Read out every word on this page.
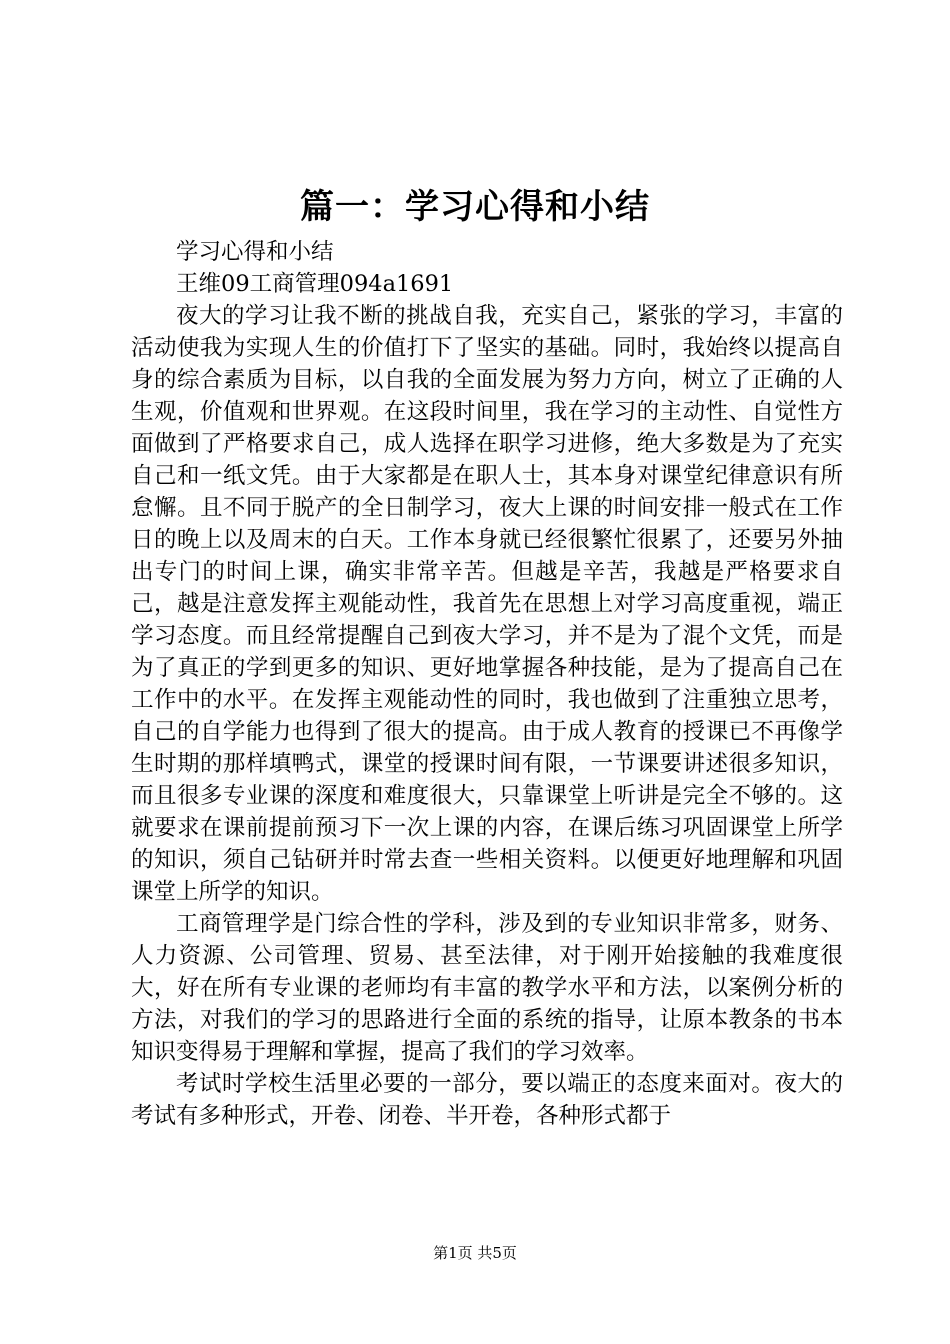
篇一：学习心得和小结

学习心得和小结

王维09工商管理094a1691

夜大的学习让我不断的挑战自我，充实自己，紧张的学习，丰富的活动使我为实现人生的价值打下了坚实的基础。同时，我始终以提高自身的综合素质为目标，以自我的全面发展为努力方向，树立了正确的人生观，价值观和世界观。在这段时间里，我在学习的主动性、自觉性方面做到了严格要求自己，成人选择在职学习进修，绝大多数是为了充实自己和一纸文凭。由于大家都是在职人士，其本身对课堂纪律意识有所怠懈。且不同于脱产的全日制学习，夜大上课的时间安排一般式在工作日的晚上以及周末的白天。工作本身就已经很繁忙很累了，还要另外抽出专门的时间上课，确实非常辛苦。但越是辛苦，我越是严格要求自己，越是注意发挥主观能动性，我首先在思想上对学习高度重视，端正学习态度。而且经常提醒自己到夜大学习，并不是为了混个文凭，而是为了真正的学到更多的知识、更好地掌握各种技能，是为了提高自己在工作中的水平。在发挥主观能动性的同时，我也做到了注重独立思考，自己的自学能力也得到了很大的提高。由于成人教育的授课已不再像学生时期的那样填鸭式，课堂的授课时间有限，一节课要讲述很多知识，而且很多专业课的深度和难度很大，只靠课堂上听讲是完全不够的。这就要求在课前提前预习下一次上课的内容，在课后练习巩固课堂上所学的知识，须自己钻研并时常去查一些相关资料。以便更好地理解和巩固课堂上所学的知识。

工商管理学是门综合性的学科，涉及到的专业知识非常多，财务、人力资源、公司管理、贸易、甚至法律，对于刚开始接触的我难度很大，好在所有专业课的老师均有丰富的教学水平和方法，以案例分析的方法，对我们的学习的思路进行全面的系统的指导，让原本教条的书本知识变得易于理解和掌握，提高了我们的学习效率。

考试时学校生活里必要的一部分，要以端正的态度来面对。夜大的考试有多种形式，开卷、闭卷、半开卷，各种形式都于

第1页 共5页
